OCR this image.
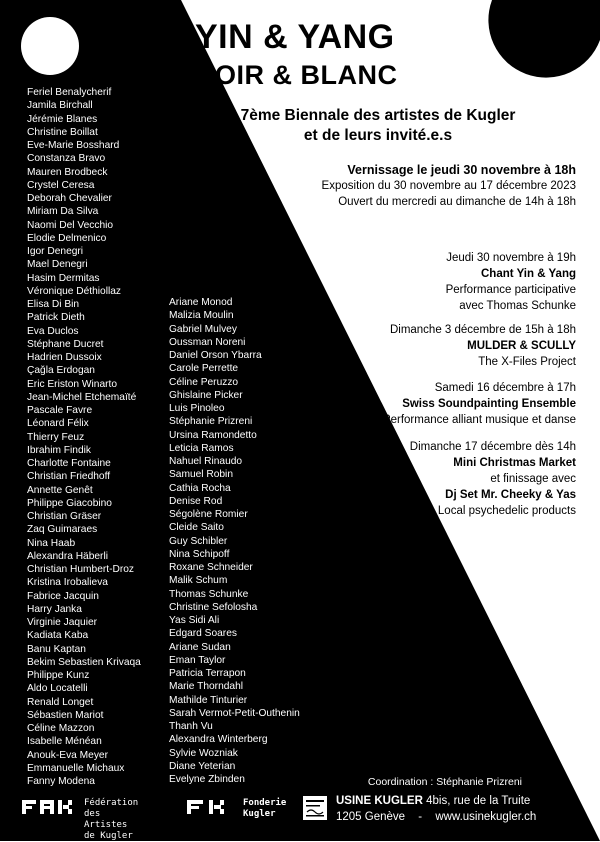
YIN & YANG
NOIR & BLANC
7ème Biennale des artistes de Kugler
et de leurs invité.e.s
Vernissage le jeudi 30 novembre à 18h
Exposition du 30 novembre au 17 décembre 2023
Ouvert du mercredi au dimanche de 14h à 18h
Jeudi 30 novembre à 19h
Chant Yin & Yang
Performance participative
avec Thomas Schunke
Dimanche 3 décembre de 15h à 18h
MULDER & SCULLY
The X-Files Project
Samedi 16 décembre à 17h
Swiss Soundpainting Ensemble
Performance alliant musique et danse
Dimanche 17 décembre dès 14h
Mini Christmas Market
et finissage avec
Dj Set Mr. Cheeky & Yas
Local psychedelic products
Feriel Benalycherif
Jamila Birchall
Jérémie Blanes
Christine Boillat
Eve-Marie Bosshard
Constanza Bravo
Mauren Brodbeck
Crystel Ceresa
Deborah Chevalier
Miriam Da Silva
Naomi Del Vecchio
Elodie Delmenico
Igor Denegri
Mael Denegri
Hasim Dermitas
Véronique Déthiollaz
Elisa Di Bin
Patrick Dieth
Eva Duclos
Stéphane Ducret
Hadrien Dussoix
Çağla Erdogan
Eric Eriston Winarto
Jean-Michel Etchemaïté
Pascale Favre
Léonard Félix
Thierry Feuz
Ibrahim Findik
Charlotte Fontaine
Christian Friedhoff
Annette Genêt
Philippe Giacobino
Christian Gräser
Zaq Guimaraes
Nina Haab
Alexandra Häberli
Christian Humbert-Droz
Kristina Irobalieva
Fabrice Jacquin
Harry Janka
Virginie Jaquier
Kadiata Kaba
Banu Kaptan
Bekim Sebastien Krivaqa
Philippe Kunz
Aldo Locatelli
Renald Longet
Sébastien Mariot
Céline Mazzon
Isabelle Ménéan
Anouk-Eva Meyer
Emmanuelle Michaux
Fanny Modena
Ariane Monod
Malizia Moulin
Gabriel Mulvey
Oussman Noreni
Daniel Orson Ybarra
Carole Perrette
Céline Peruzzo
Ghislaine Picker
Luis Pinoleo
Stéphanie Prizreni
Ursina Ramondetto
Leticia Ramos
Nahuel Rinaudo
Samuel Robin
Cathia Rocha
Denise Rod
Ségolène Romier
Cleide Saito
Guy Schibler
Nina Schipoff
Roxane Schneider
Malik Schum
Thomas Schunke
Christine Sefolosha
Yas Sidi Ali
Edgard Soares
Ariane Sudan
Eman Taylor
Patricia Terrapon
Marie Thorndahl
Mathilde Tinturier
Sarah Vermot-Petit-Outhenin
Thanh Vu
Alexandra Winterberg
Sylvie Wozniak
Diane Yeterian
Evelyne Zbinden	Coordination : Stéphanie Prizreni
Fédération des
Artistes de Kugler
Fonderie
Kugler
USINE KUGLER 4bis, rue de la Truite
1205 Genève - www.usinekugler.ch
